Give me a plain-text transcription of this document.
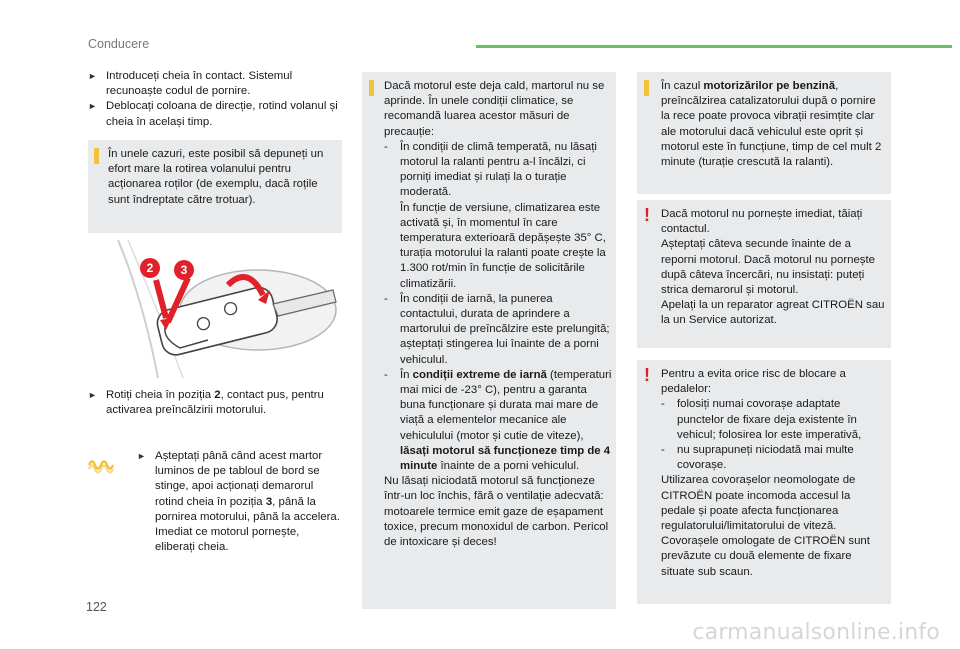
Conducere
► Introduceți cheia în contact. Sistemul recunoaște codul de pornire.
► Deblocați coloana de direcție, rotind volanul și cheia în același timp.
În unele cazuri, este posibil să depuneți un efort mare la rotirea volanului pentru acționarea roților (de exemplu, dacă roțile sunt îndreptate către trotuar).
2 3
► Rotiți cheia în poziția 2, contact pus, pentru activarea preîncălzirii motorului.
► Așteptați până când acest martor luminos de pe tabloul de bord se stinge, apoi acționați demarorul rotind cheia în poziția 3, până la pornirea motorului, până la accelera. Imediat ce motorul pornește, eliberați cheia.
Dacă motorul este deja cald, martorul nu se aprinde. În unele condiții climatice, se recomandă luarea acestor măsuri de precauție:
- În condiții de climă temperată, nu lăsați motorul la ralanti pentru a-l încălzi, ci porniți imediat și rulați la o turație moderată.
În funcție de versiune, climatizarea este activată și, în momentul în care temperatura exterioară depășește 35° C, turația motorului la ralanti poate crește la 1.300 rot/min în funcție de solicitările climatizării.
- În condiții de iarnă, la punerea contactului, durata de aprindere a martorului de preîncălzire este prelungită; așteptați stingerea lui înainte de a porni vehiculul.
- În condiții extreme de iarnă (temperaturi mai mici de -23° C), pentru a garanta buna funcționare și durata mai mare de viață a elementelor mecanice ale vehiculului (motor și cutie de viteze), lăsați motorul să funcționeze timp de 4 minute înainte de a porni vehiculul.
Nu lăsați niciodată motorul să funcționeze într-un loc închis, fără o ventilație adecvată: motoarele termice emit gaze de eșapament toxice, precum monoxidul de carbon. Pericol de intoxicare și deces!
În cazul motorizărilor pe benzină, preîncălzirea catalizatorului după o pornire la rece poate provoca vibrații resimțite clar ale motorului dacă vehiculul este oprit și motorul este în funcțiune, timp de cel mult 2 minute (turație crescută la ralanti).
! Dacă motorul nu pornește imediat, tăiați contactul.
Așteptați câteva secunde înainte de a reporni motorul. Dacă motorul nu pornește după câteva încercări, nu insistați: puteți strica demarorul și motorul.
Apelați la un reparator agreat CITROËN sau la un Service autorizat.
! Pentru a evita orice risc de blocare a pedalelor:
- folosiți numai covorașe adaptate punctelor de fixare deja existente în vehicul; folosirea lor este imperativă,
- nu suprapuneți niciodată mai multe covorașe.
Utilizarea covorașelor neomologate de CITROËN poate incomoda accesul la pedale și poate afecta funcționarea regulatorului/limitatorului de viteză.
Covorașele omologate de CITROËN sunt prevăzute cu două elemente de fixare situate sub scaun.
122
carmanualsonline.info
